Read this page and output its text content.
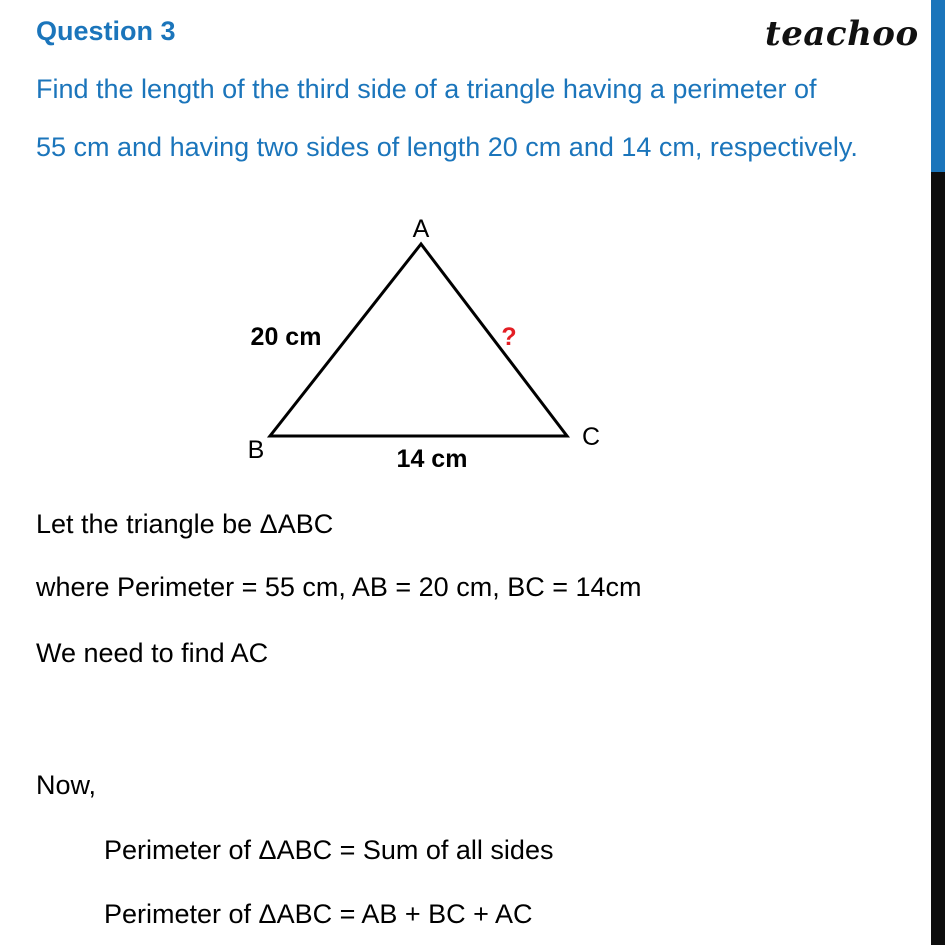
Question 3	teachoo
Find the length of the third side of a triangle having a perimeter of
55 cm and having two sides of length 20 cm and 14 cm, respectively.
A
B	C
20 cm
14 cm
?
Let the triangle be ΔABC
where Perimeter = 55 cm, AB = 20 cm, BC = 14cm
We need to find AC
Now,
Perimeter of ΔABC = Sum of all sides
Perimeter of ΔABC = AB + BC + AC
